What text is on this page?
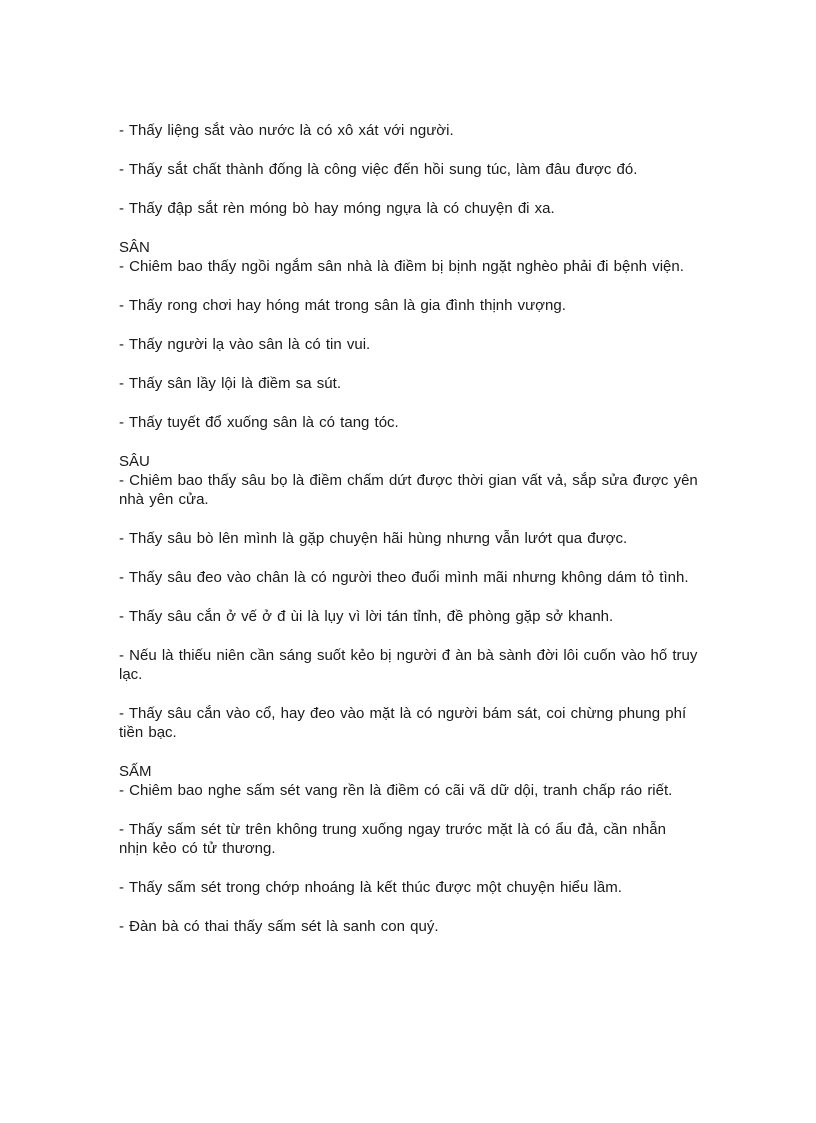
- Thấy liệng sắt vào nước là có xô xát với người.

- Thấy sắt chất thành đống là công việc đến hồi sung túc, làm đâu được đó.

- Thấy đập sắt rèn móng bò hay móng ngựa là có chuyện đi xa.

SÂN

- Chiêm bao thấy ngồi ngắm sân nhà là điềm bị bịnh ngặt nghèo phải đi bệnh viện.

- Thấy rong chơi hay hóng mát trong sân là gia đình thịnh vượng.

- Thấy người lạ vào sân là có tin vui.

- Thấy sân lầy lội là điềm sa sút.

- Thấy tuyết đổ xuống sân là có tang tóc.

SÂU

- Chiêm bao thấy sâu bọ là điềm chấm dứt được thời gian vất vả, sắp sửa được yên nhà yên cửa.

- Thấy sâu bò lên mình là gặp chuyện hãi hùng nhưng vẫn lướt qua được.

- Thấy sâu đeo vào chân là có người theo đuổi mình mãi nhưng không dám tỏ tình.

- Thấy sâu cắn ở vế ở đ ùi là lụy vì lời tán tỉnh, đề phòng gặp sở khanh.

- Nếu là thiếu niên cần sáng suốt kẻo bị người đ àn bà sành đời lôi cuốn vào hố truy lạc.

- Thấy sâu cắn vào cổ, hay đeo vào mặt là có người bám sát, coi chừng phung phí tiền bạc.

SẤM

- Chiêm bao nghe sấm sét vang rền là điềm có cãi vã dữ dội, tranh chấp ráo riết.

- Thấy sấm sét từ trên không trung xuống ngay trước mặt là có ẩu đả, cần nhẫn nhịn kẻo có tử thương.

- Thấy sấm sét trong chớp nhoáng là kết thúc được một chuyện hiểu lầm.

- Đàn bà có thai thấy sấm sét là sanh con quý.
